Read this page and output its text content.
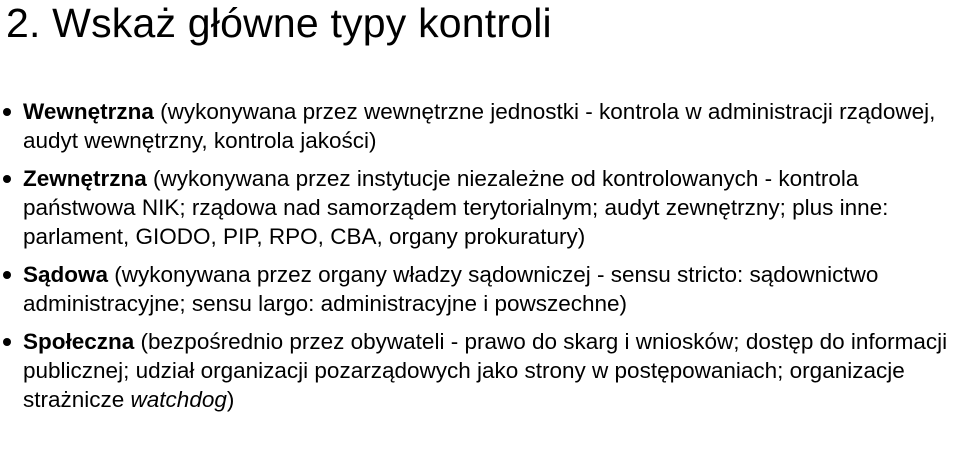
2. Wskaż główne typy kontroli
Wewnętrzna (wykonywana przez wewnętrzne jednostki - kontrola w administracji rządowej, audyt wewnętrzny, kontrola jakości)
Zewnętrzna (wykonywana przez instytucje niezależne od kontrolowanych - kontrola państwowa NIK; rządowa nad samorządem terytorialnym; audyt zewnętrzny; plus inne: parlament, GIODO, PIP, RPO, CBA, organy prokuratury)
Sądowa (wykonywana przez organy władzy sądowniczej - sensu stricto: sądownictwo administracyjne; sensu largo: administracyjne i powszechne)
Społeczna (bezpośrednio przez obywateli - prawo do skarg i wniosków; dostęp do informacji publicznej; udział organizacji pozarządowych jako strony w postępowaniach; organizacje strażnicze watchdog)
